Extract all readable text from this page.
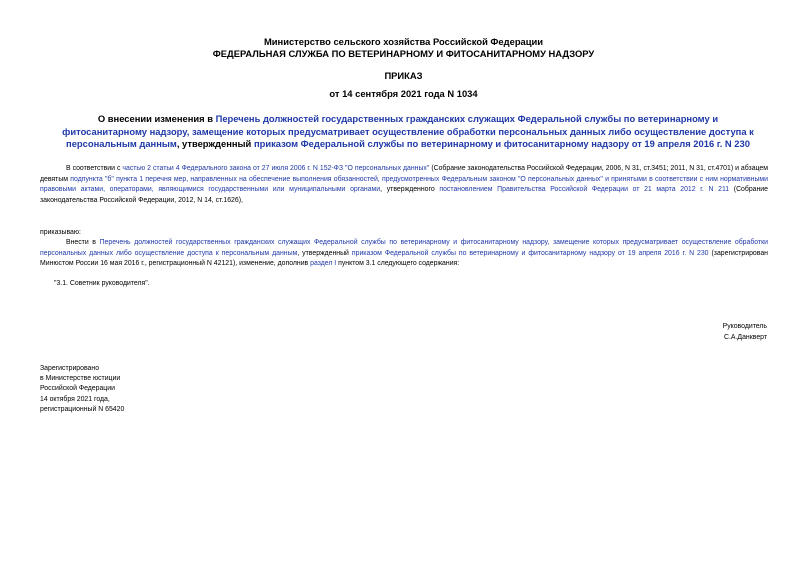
Министерство сельского хозяйства Российской Федерации
ФЕДЕРАЛЬНАЯ СЛУЖБА ПО ВЕТЕРИНАРНОМУ И ФИТОСАНИТАРНОМУ НАДЗОРУ
ПРИКАЗ
от 14 сентября 2021 года N 1034
О внесении изменения в Перечень должностей государственных гражданских служащих Федеральной службы по ветеринарному и фитосанитарному надзору, замещение которых предусматривает осуществление обработки персональных данных либо осуществление доступа к персональным данным, утвержденный приказом Федеральной службы по ветеринарному и фитосанитарному надзору от 19 апреля 2016 г. N 230
В соответствии с частью 2 статьи 4 Федерального закона от 27 июля 2006 г. N 152-ФЗ "О персональных данных" (Собрание законодательства Российской Федерации, 2006, N 31, ст.3451; 2011, N 31, ст.4701) и абзацем девятым подпункта "б" пункта 1 перечня мер, направленных на обеспечение выполнения обязанностей, предусмотренных Федеральным законом "О персональных данных" и принятыми в соответствии с ним нормативными правовыми актами, операторами, являющимися государственными или муниципальными органами, утвержденного постановлением Правительства Российской Федерации от 21 марта 2012 г. N 211 (Собрание законодательства Российской Федерации, 2012, N 14, ст.1626),
приказываю:
Внести в Перечень должностей государственных гражданских служащих Федеральной службы по ветеринарному и фитосанитарному надзору, замещение которых предусматривает осуществление обработки персональных данных либо осуществление доступа к персональным данным, утвержденный приказом Федеральной службы по ветеринарному и фитосанитарному надзору от 19 апреля 2016 г. N 230 (зарегистрирован Минюстом России 16 мая 2016 г., регистрационный N 42121), изменение, дополнив раздел I пунктом 3.1 следующего содержания:
"3.1. Советник руководителя".
Руководитель
С.А.Данкверт
Зарегистрировано
в Министерстве юстиции
Российской Федерации
14 октября 2021 года,
регистрационный N 65420
